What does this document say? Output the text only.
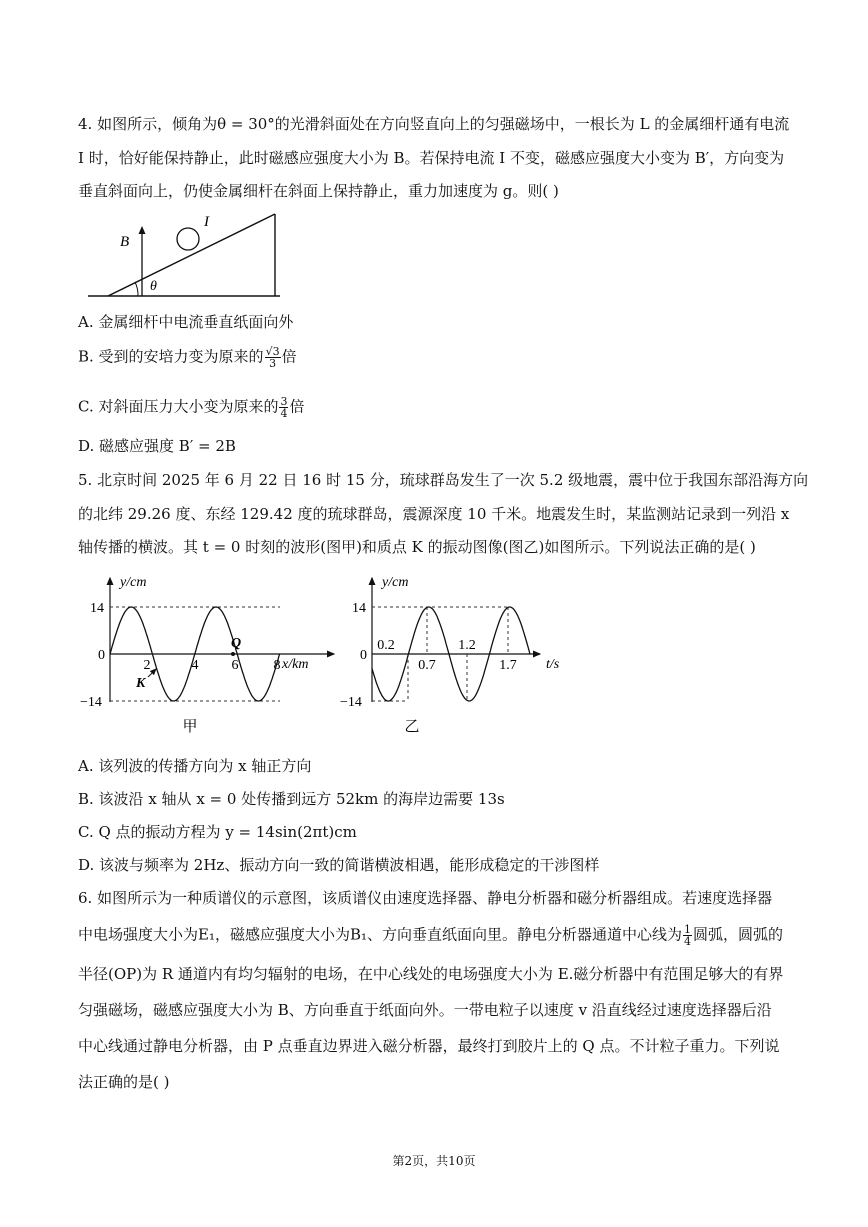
4. 如图所示，倾角为θ = 30°的光滑斜面处在方向竖直向上的匀强磁场中，一根长为 L 的金属细杆通有电流
I 时，恰好能保持静止，此时磁感应强度大小为 B。若保持电流 I 不变，磁感应强度大小变为 B′，方向变为
垂直斜面向上，仍使金属细杆在斜面上保持静止，重力加速度为 g。则( )
B
I
θ
A. 金属细杆中电流垂直纸面向外
B. 受到的安培力变为原来的 $\frac{√3}{3}$ 倍
C. 对斜面压力大小变为原来的 $\frac{3}{4}$ 倍
D. 磁感应强度 B′ = 2B
5. 北京时间 2025 年 6 月 22 日 16 时 15 分，琉球群岛发生了一次 5.2 级地震，震中位于我国东部沿海方向
的北纬 29.26 度、东经 129.42 度的琉球群岛，震源深度 10 千米。地震发生时，某监测站记录到一列沿 x
轴传播的横波。其 t = 0 时刻的波形(图甲)和质点 K 的振动图像(图乙)如图所示。下列说法正确的是( )
y/cm
x/km
14
0
−14
2	4 6	8
Q
K
甲
y/cm
t/s
14
0
−14
0.2
0.7
1.2
1.7
乙
A. 该列波的传播方向为 x 轴正方向
B. 该波沿 x 轴从 x = 0 处传播到远方 52km 的海岸边需要 13s
C. Q 点的振动方程为 y = 14sin(2πt)cm
D. 该波与频率为 2Hz、振动方向一致的简谐横波相遇，能形成稳定的干涉图样
6. 如图所示为一种质谱仪的示意图，该质谱仪由速度选择器、静电分析器和磁分析器组成。若速度选择器
中电场强度大小为E₁，磁感应强度大小为B₁、方向垂直纸面向里。静电分析器通道中心线为 $\frac{1}{4}$ 圆弧，圆弧的
半径(OP)为 R 通道内有均匀辐射的电场，在中心线处的电场强度大小为 E.磁分析器中有范围足够大的有界
匀强磁场，磁感应强度大小为 B、方向垂直于纸面向外。一带电粒子以速度 v 沿直线经过速度选择器后沿
中心线通过静电分析器，由 P 点垂直边界进入磁分析器，最终打到胶片上的 Q 点。不计粒子重力。下列说
法正确的是( )
第2页，共10页
